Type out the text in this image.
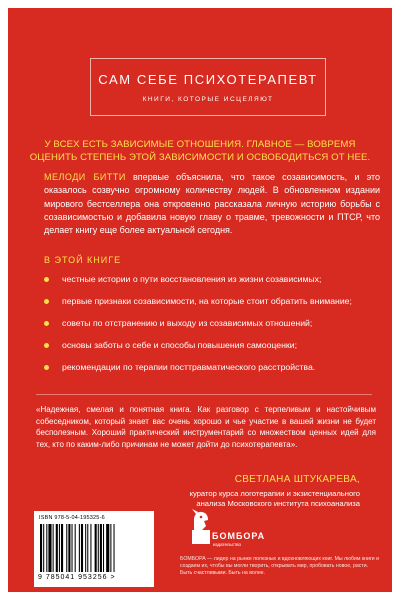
САМ СЕБЕ ПСИХОТЕРАПЕВТ
КНИГИ, КОТОРЫЕ ИСЦЕЛЯЮТ
У ВСЕХ ЕСТЬ ЗАВИСИМЫЕ ОТНОШЕНИЯ. ГЛАВНОЕ — ВОВРЕМЯ
ОЦЕНИТЬ СТЕПЕНЬ ЭТОЙ ЗАВИСИМОСТИ И ОСВОБОДИТЬСЯ ОТ НЕЕ.
МЕЛОДИ БИТТИ впервые объяснила, что такое созависимость, и это оказалось созвучно огромному количеству людей. В обновленном издании мирового бестселлера она откровенно рассказала личную историю борьбы с созависимостью и добавила новую главу о травме, тревожности и ПТСР, что делает книгу еще более актуальной сегодня.
В ЭТОЙ КНИГЕ
честные истории о пути восстановления из жизни созависимых;
первые признаки созависимости, на которые стоит обратить внимание;
советы по отстранению и выходу из созависимых отношений;
основы заботы о себе и способы повышения самооценки;
рекомендации по терапии посттравматического расстройства.
«Надежная, смелая и понятная книга. Как разговор с терпеливым и настойчивым собеседником, который знает вас очень хорошо и чье участие в вашей жизни не будет бесполезным. Хороший практический инструментарий со множеством ценных идей для тех, кто по каким-либо причинам не может дойти до психотерапевта».
СВЕТЛАНА ШТУКАРЕВА,
куратор курса логотерапии и экзистенциального
анализа Московского института психоанализа
ISBN 978-5-04-195325-6
9 785041 953256 >
БОМБОРА
издательство
БОМБОРА — лидер на рынке полезных и вдохновляющих книг. Мы любим книги и создаем их, чтобы вы могли творить, открывать мир, пробовать новое, расти. Быть счастливыми. Быть на волне.
